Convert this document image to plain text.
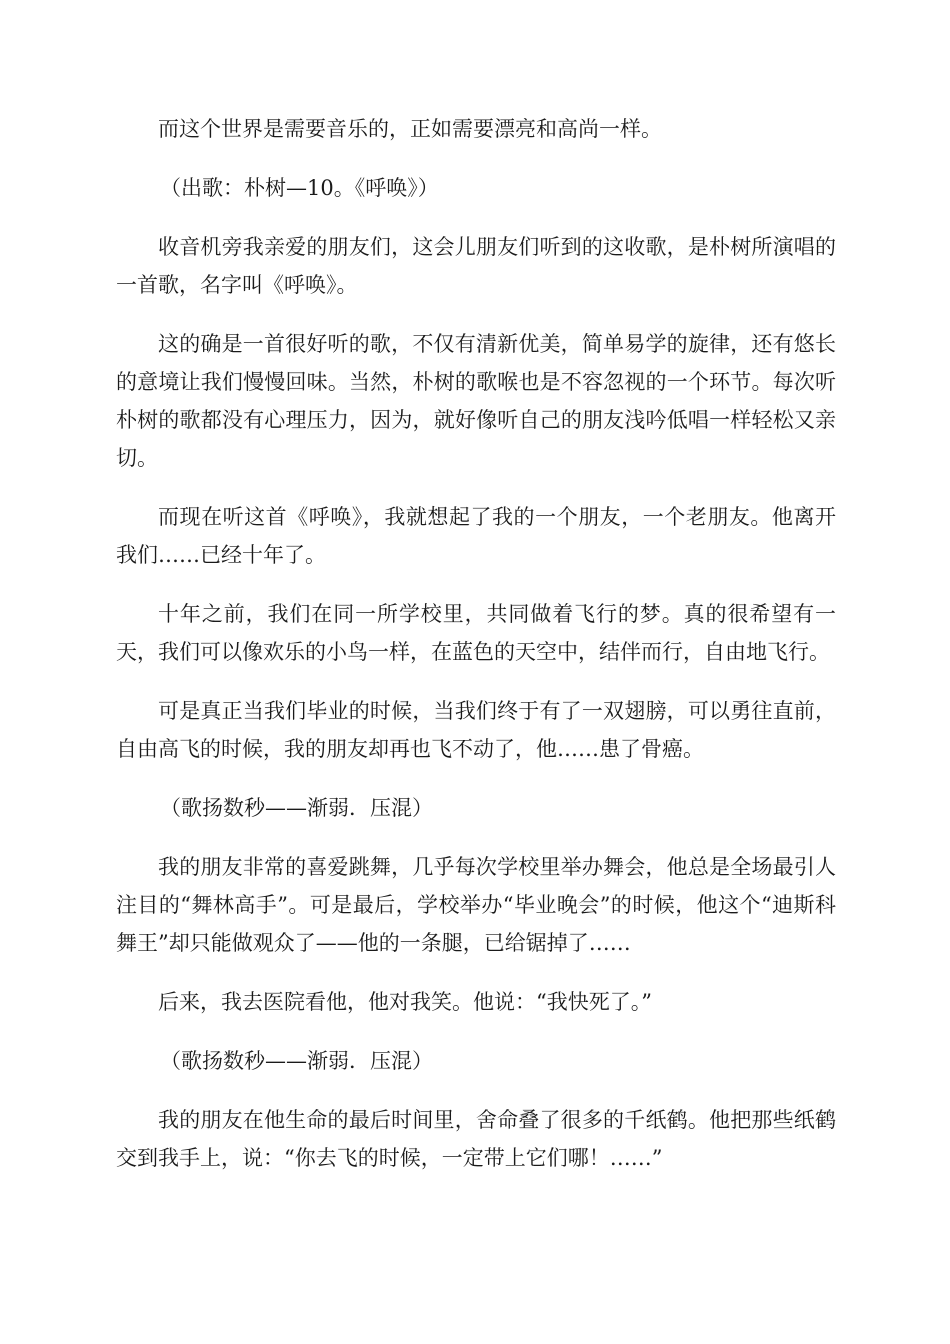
而这个世界是需要音乐的，正如需要漂亮和高尚一样。

（出歌：朴树—10。《呼唤》）

收音机旁我亲爱的朋友们，这会儿朋友们听到的这收歌，是朴树所演唱的一首歌，名字叫《呼唤》。

这的确是一首很好听的歌，不仅有清新优美，简单易学的旋律，还有悠长的意境让我们慢慢回味。当然，朴树的歌喉也是不容忽视的一个环节。每次听朴树的歌都没有心理压力，因为，就好像听自己的朋友浅吟低唱一样轻松又亲切。

而现在听这首《呼唤》，我就想起了我的一个朋友，一个老朋友。他离开我们……已经十年了。

十年之前，我们在同一所学校里，共同做着飞行的梦。真的很希望有一天，我们可以像欢乐的小鸟一样，在蓝色的天空中，结伴而行，自由地飞行。

可是真正当我们毕业的时候，当我们终于有了一双翅膀，可以勇往直前，自由高飞的时候，我的朋友却再也飞不动了，他……患了骨癌。

（歌扬数秒——渐弱．压混）

我的朋友非常的喜爱跳舞，几乎每次学校里举办舞会，他总是全场最引人注目的“舞林高手”。可是最后，学校举办“毕业晚会”的时候，他这个“迪斯科舞王”却只能做观众了——他的一条腿，已给锯掉了……

后来，我去医院看他，他对我笑。他说：“我快死了。”

（歌扬数秒——渐弱．压混）

我的朋友在他生命的最后时间里，舍命叠了很多的千纸鹤。他把那些纸鹤交到我手上，说：“你去飞的时候，一定带上它们哪！……”
